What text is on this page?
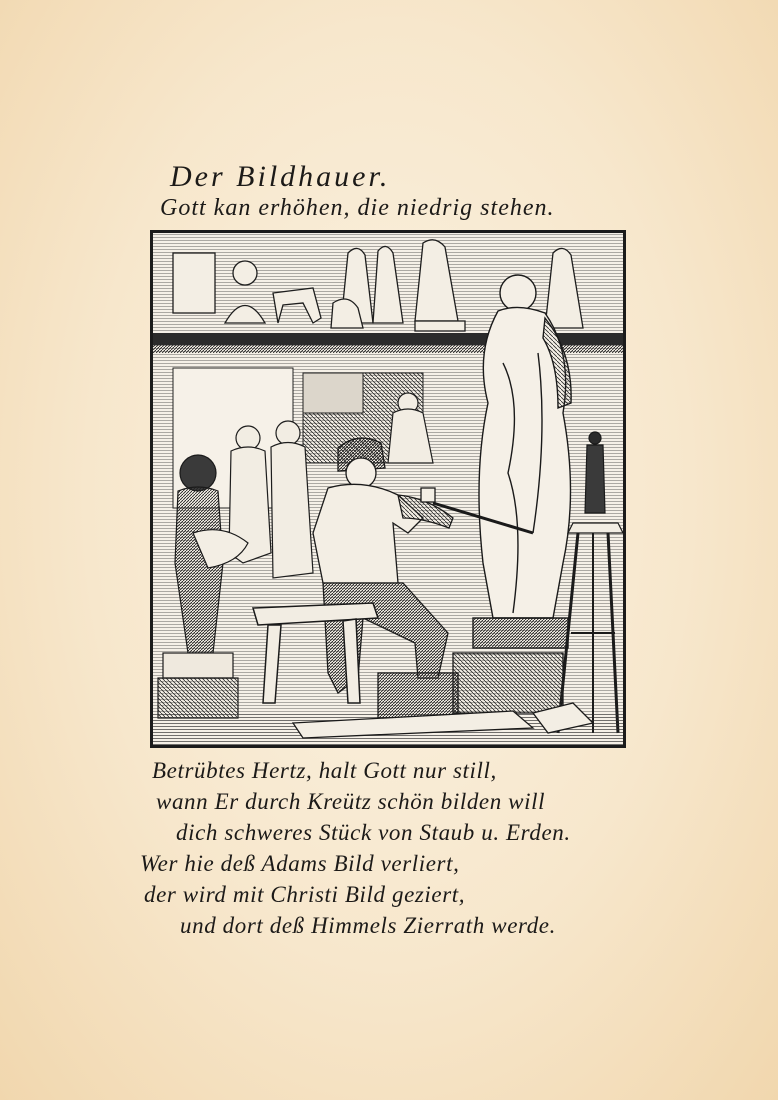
Der Bildhauer.

Gott kan erhöhen, die niedrig stehen.

Betrübtes Hertz, halt Gott nur still,
wann Er durch Kreütz schön bilden will
dich schweres Stück von Staub u. Erden.
Wer hie deß Adams Bild verliert,
der wird mit Christi Bild geziert,
und dort deß Himmels Zierrath werde.
